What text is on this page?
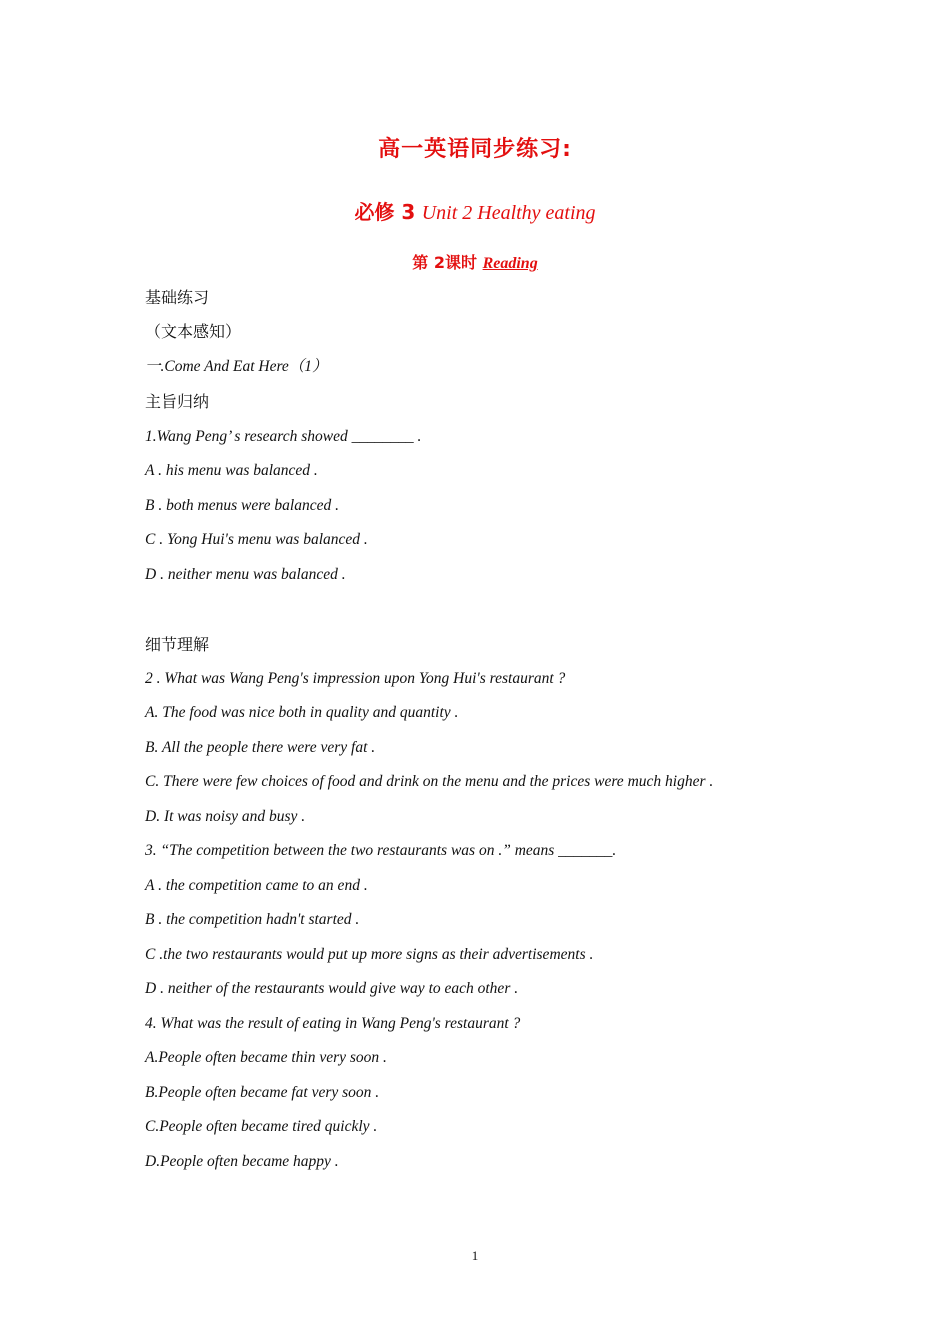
高一英语同步练习:
必修 3 Unit 2 Healthy eating
第 2课时 Reading
基础练习
（文本感知）
一.Come And Eat Here（1）
主旨归纳
1.Wang Peng’ s research showed ________ .
A . his menu was balanced .
B . both menus were balanced .
C . Yong Hui's menu was balanced .
D . neither menu was balanced .
细节理解
2 . What was Wang Peng's impression upon Yong Hui's restaurant ?
A. The food was nice both in quality and quantity .
B. All the people there were very fat .
C. There were few choices of food and drink on the menu and the prices were much higher .
D. It was noisy and busy .
3. “The competition between the two restaurants was on .” means _______.
A . the competition came to an end .
B . the competition hadn't started .
C .the two restaurants would put up more signs as their advertisements .
D . neither of the restaurants would give way to each other .
4. What was the result of eating in Wang Peng's restaurant ?
A.People often became thin very soon .
B.People often became fat very soon .
C.People often became tired quickly .
D.People often became happy .
1
